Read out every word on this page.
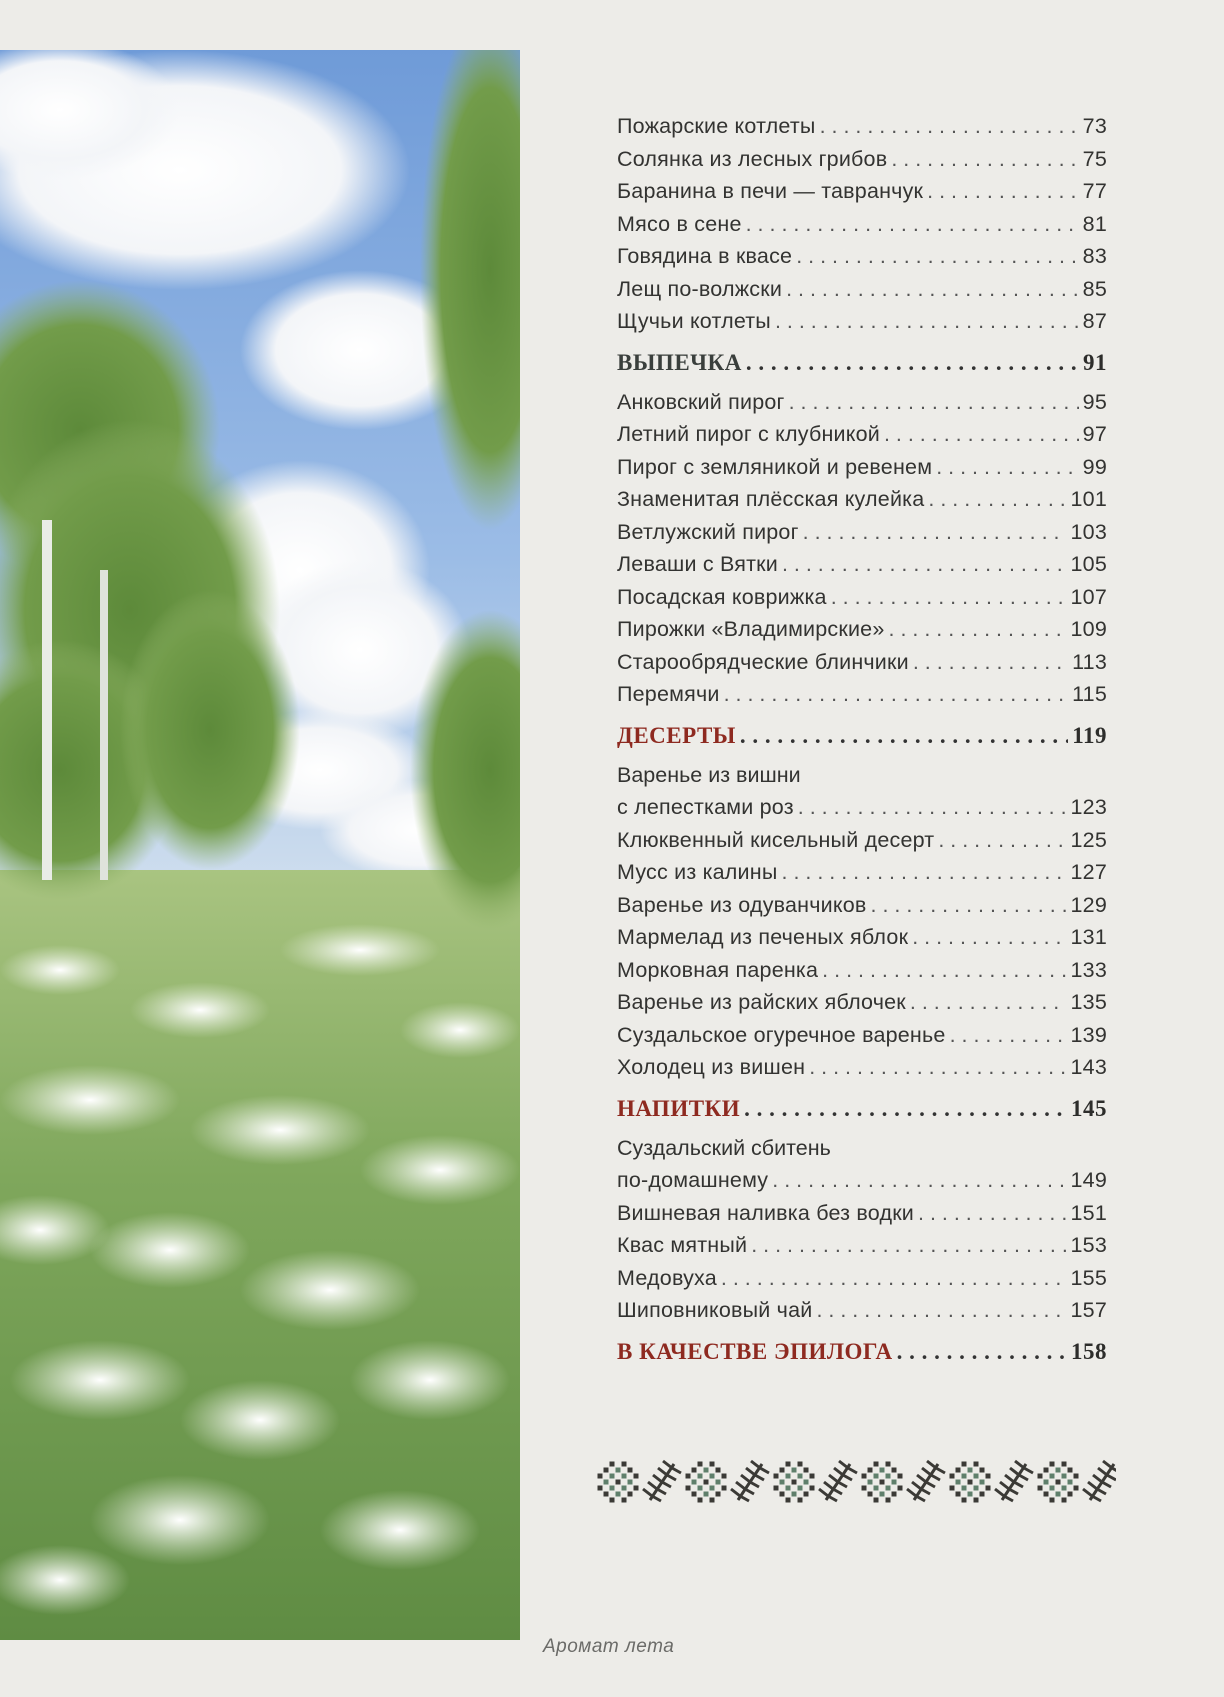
Пожарские котлеты . . .	73
Солянка из лесных грибов . . .	75
Баранина в печи — тавранчук . . .	77
Мясо в сене . . .	81
Говядина в квасе . . .	83
Лещ по-волжски . . .	85
Щучьи котлеты . . .	87
ВЫПЕЧКА . . .	91
Анковский пирог . . .	95
Летний пирог с клубникой . . .	97
Пирог с земляникой и ревенем . . .	99
Знаменитая плёсская кулейка . . .	101
Ветлужский пирог . . .	103
Леваши с Вятки . . .	105
Посадская коврижка . . .	107
Пирожки «Владимирские» . . .	109
Старообрядческие блинчики . . .	113
Перемячи . . .	115
ДЕСЕРТЫ . . .	119
Варенье из вишни
с лепестками роз . . .	123
Клюквенный кисельный десерт . . .	125
Мусс из калины . . .	127
Варенье из одуванчиков . . .	129
Мармелад из печеных яблок . . .	131
Морковная паренка . . .	133
Варенье из райских яблочек . . .	135
Суздальское огуречное варенье . . .	139
Холодец из вишен . . .	143
НАПИТКИ . . .	145
Суздальский сбитень
по-домашнему . . .	149
Вишневая наливка без водки . . .	151
Квас мятный . . .	153
Медовуха . . .	155
Шиповниковый чай . . .	157
В КАЧЕСТВЕ ЭПИЛОГА . . .	158
Аромат лета
